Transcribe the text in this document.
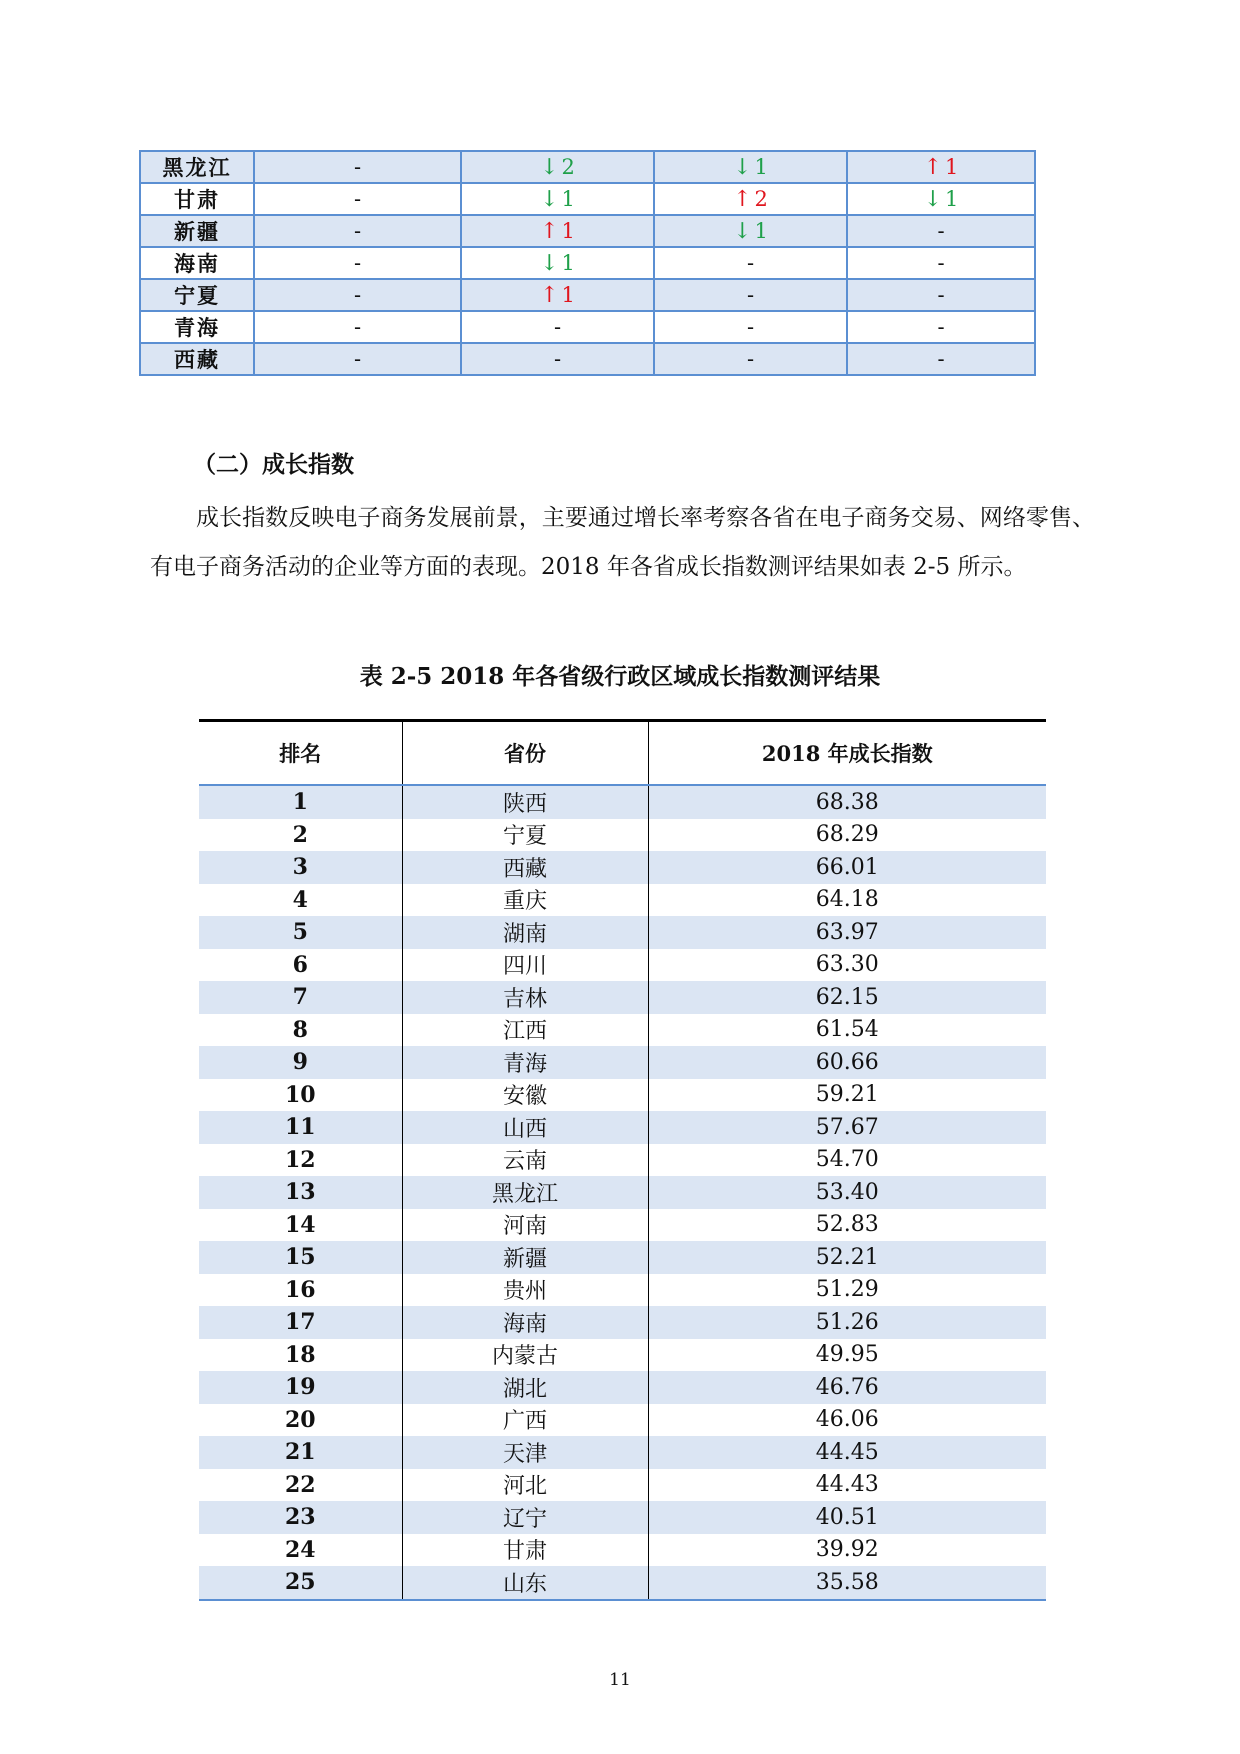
黑龙江	-	↓ 2	↓ 1	↑ 1
甘肃	-	↓ 1	↑ 2	↓ 1
新疆	-	↑ 1	↓ 1	-
海南	-	↓ 1	-	-
宁夏	-	↑ 1	-	-
青海	-	-	-	-
西藏	-	-	-	-
（二）成长指数

成长指数反映电子商务发展前景，主要通过增长率考察各省在电子商务交易、网络零售、有电子商务活动的企业等方面的表现。2018 年各省成长指数测评结果如表 2-5 所示。

表 2-5 2018 年各省级行政区域成长指数测评结果
排名	省份	2018 年成长指数
1	陕西	68.38
2	宁夏	68.29
3	西藏	66.01
4	重庆	64.18
5	湖南	63.97
6	四川	63.30
7	吉林	62.15
8	江西	61.54
9	青海	60.66
10	安徽	59.21
11	山西	57.67
12	云南	54.70
13	黑龙江	53.40
14	河南	52.83
15	新疆	52.21
16	贵州	51.29
17	海南	51.26
18	内蒙古	49.95
19	湖北	46.76
20	广西	46.06
21	天津	44.45
22	河北	44.43
23	辽宁	40.51
24	甘肃	39.92
25	山东	35.58
11
